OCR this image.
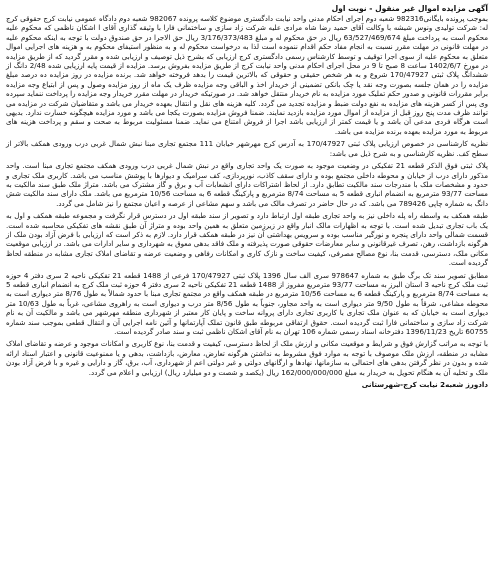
آگهی مزایده اموال غیر منقول - نوبت اول

بموجب پرونده بایگانی982316 شعبه دوم اجرای احکام مدنی واحد نیابت دادگستری موضوع کلاسه پرونده 982067 شعبه دوم دادگاه عمومی نیابت کرج حقوقی کرج له: شرکت تولیدی ونوس شیشه با وکالت آقای حمید رضا شاه مرادی علیه شرکت زاد سازی و ساختمانی فارا با وثیقه گذاری آقای ا اشکان ناظمی که محکوم علیه محکوم است به پرداخت مبلغ 63/527/469/674 ریال در حق محکوم له و مبلغ 3/176/373/483 ریال حق الاجرا در حق صندوق دولت با توجه به اینکه محکوم علیه در مهلت قانونی در مهلت مقرر نسبت به انجام مفاد حکم اقدام ننموده است لذا به درخواست محکوم له و به منظور استیفای محکوم به و هزینه های اجرایی اموال متعلق به محکوم علیه از سوی اجرا توقیف و توسط کارشناس رسمی دادگستری کرج ارزیابی که بشرح ذیل توصیف و ارزیابی شده و مقرر گردید که از طریق مزایده در مورخ 1402/6/7 ساعت 8 صبح تا 9 در محل اجرای احکام مدنی واحد نیابت کرج از طریق مزایده بفروش برسد. مزایده از قیمت پایه ارزیابی شده 2/48 دانگ از ششدانگ پلاک ثبتی 170/47927 شروع و به هر شخص حقیقی و حقوقی که بالاترین قیمت را بدهد فروخته خواهد شد. برنده مزایده در روز مزایده ده درصد مبلغ مزایده را در همان جلسه بصورت وجه نقد یا چک بانکی تضمینی از خریدار اخذ و الباقی وجه مزایده ظرف یک ماه از روز مزایده وصول و پس از ابتیاع وجه مزایده برابر مقررات قانونی و صدور حکم تملیک مورد مزایده به نام خریدار منتقل خواهد شد. در صورتیکه خریدار در مهلت مقرر خریدار وجه مزایده را پرداخت ننماید سپرده وی پس از کسر هزینه های مزایده به نفع دولت ضبط و مزایده تجدید می گردد. کلیه هزینه های نقل و انتقال بعهده خریدار می باشد و متقاضیان شرکت در مزایده می توانند ظرف مدت پنج روز قبل از مزایده از اموال مورد مزایده بازدید نمایند. ضمنا فروش مزایده بصورت یکجا می باشد و مورد مزایده هیچگونه خسارت ندارد. بدیهی است هرگاه فردی مدعی آن باشد و یا قیمت کمتر از ارزیابی باشد اجرا از فروش امتناع می نماید. ضمنا مسئولیت مربوط به صحت و سقم و پرداخت هزینه های مربوط به مورد مزایده بعهده برنده مزایده می باشد.

نظریه کارشناسی در خصوص ارزیابی پلاک ثبتی 170/47927 به آدرس کرج مهرشهر خیابان 111 مجتمع تجاری مبنا نبش شمال غربی درب ورودی همکف بالاتر از سطح کف. نظریه کارشناسی و به شرح ذیل می باشد:

پلاک ثبتی فوق الذکر قطعه 21 تفکیکی در وضعیت موجود به صورت یک واحد تجاری واقع در نبش شمال غربی درب ورودی همکف مجتمع تجاری مبنا است. واحد مذکور دارای درب از خیابان و محوطه داخلی مجتمع بوده و دارای سقف کاذب، نورپردازی، کف سرامیک و دیوارها با پوشش مناسب می باشد. کاربری ملک تجاری و حدود و مشخصات ملک با مندرجات سند مالکیت تطابق دارد. از لحاظ اشتراکات دارای انشعابات آب و برق و گاز مشترک می باشد. متراژ ملک طبق سند مالکیت به مساحت 93/77 مترمربع به انضمام انباری قطعه 5 به مساحت 8/74 مترمربع و پارکینگ قطعه 6 به مساحت 10/56 مترمربع می باشد. ملک دارای سند مالکیت شش دانگ به شماره چاپی 789426 می باشد. که در حال حاضر در تصرف مالک می باشد و سهم مشاعی از عرصه و اعیان مجتمع را نیز شامل می گردد.

طبقه همکف به واسطه راه پله داخلی نیز به واحد تجاری طبقه اول ارتباط دارد و تصویر از سند طبقه اول در دسترس قرار نگرفت و مجموعه طبقه همکف و اول به یک باب تجاری تبدیل شده است. با توجه به اظهارات مالک انبار واقع در زیرزمین متعلق به همین واحد بوده و متراژ آن طبق نقشه های تفکیکی محاسبه شده است. قسمت شمالی واحد دارای پنجره و نورگیر مناسب بوده و سرویس بهداشتی آن نیز در طبقه همکف قرار دارد. لازم به ذکر است که ارزیابی با فرض آزاد بودن ملک از هرگونه بازداشت، رهن، تصرف غیرقانونی و سایر معارضات حقوقی صورت پذیرفته و ملک فاقد بدهی معوق به شهرداری و سایر ادارات می باشد. در ارزیابی موقعیت مکانی ملک، دسترسی، قدمت بنا، نوع مصالح مصرفی، کیفیت ساخت و نازک کاری و امکانات رفاهی و وضعیت عرضه و تقاضای املاک تجاری مشابه در منطقه لحاظ گردیده است.

مطابق تصویر سند تک برگ طبق به شماره 978647 سری الف سال 1396 پلاک ثبتی 170/47927 فرعی از 1488 قطعه 21 تفکیکی ناحیه 2 سری دفتر 4 حوزه ثبت ملک کرج ناحیه 3 استان البرز به مساحت 93/77 مترمربع مفروز از 1488 قطعه 21 تفکیکی ناحیه 2 سری دفتر 4 حوزه ثبت ملک کرج به انضمام انباری قطعه 5 به مساحت 8/74 مترمربع و پارکینگ قطعه 6 به مساحت 10/56 مترمربع در طبقه همکف واقع در مجتمع تجاری مبنا با حدود شمالاً به طول 8/76 متر دیواری است به محوطه مشاعی، شرقاً به طول 9/50 متر دیواری است به واحد مجاور، جنوباً به طول 8/56 متر درب و دیواری است به راهروی مشاعی، غرباً به طول 10/63 متر دیواری است به خیابان که به عنوان ملک تجاری با کاربری تجاری دارای پروانه ساخت و پایان کار معتبر از شهرداری منطقه مهرشهر می باشد و مالکیت آن به نام شرکت زاد سازی و ساختمانی فارا ثبت گردیده است. حقوق ارتفاقی مربوطه طبق قانون تملک آپارتمانها و آئین نامه اجرایی آن و انتقال قطعی بموجب سند شماره 60755 تاریخ 1396/11/23 دفترخانه اسناد رسمی شماره 106 تهران به نام آقای اشکان ناظمی ثبت و سند صادر گردیده است.

با توجه به مراتب گزارش فوق و شرایط و موقعیت مکانی و ارزش ملک از لحاظ دسترسی، کیفیت و قدمت بنا، نوع کاربری و امکانات موجود و عرضه و تقاضای املاک مشابه در منطقه، ارزش ملک موصوف با توجه به موارد فوق مشروط به نداشتن هرگونه تعارض، معارض، بازداشت، بدهی و یا ممنوعیت قانونی و اعتبار اسناد ارائه شده و بدون در نظر گرفتن بدهی های احتمالی به سازمانها، نهادها و ارگانهای دولتی و غیر دولتی اعم از شهرداری، آب، برق، گاز و دارایی و غیره و با فرض آزاد بودن ملک و تخلیه آن به هنگام تحویل به خریدار به مبلغ 162/000/000/000 ریال (یکصد و شصت و دو میلیارد ریال) ارزیابی و اعلام می گردد.

دادورز شعبه2 نیابت کرج-شهرستانی
